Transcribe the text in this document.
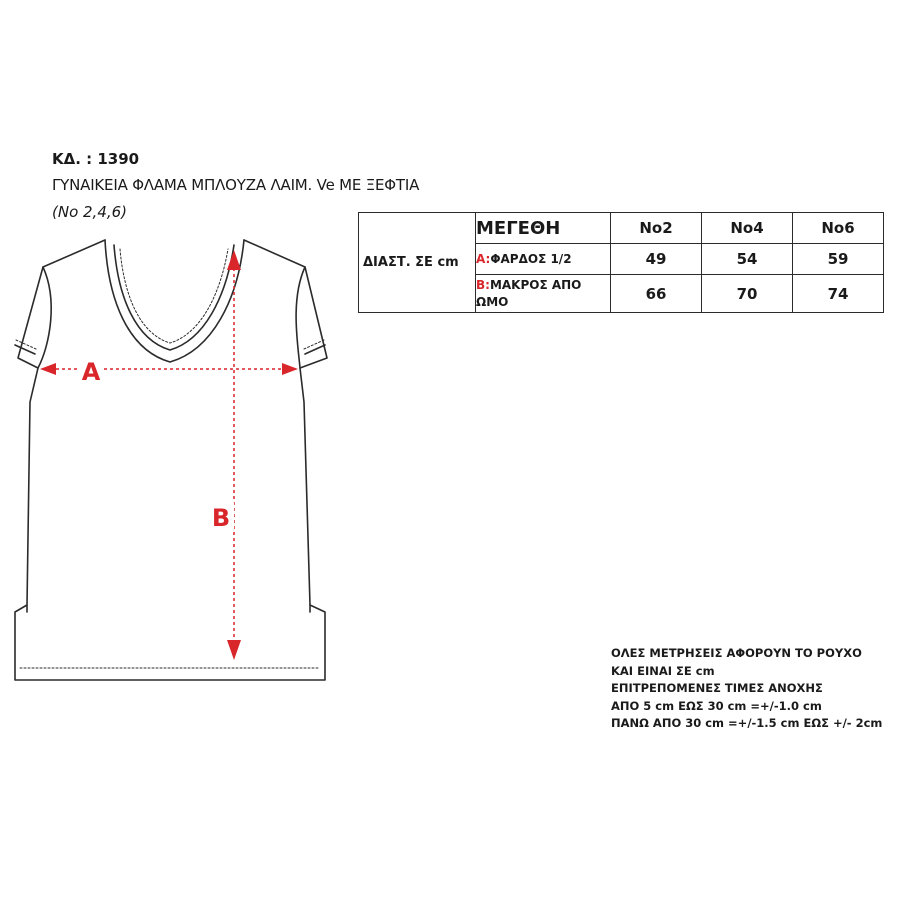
ΚΔ. : 1390
ΓΥΝΑΙΚΕΙΑ ΦΛΑΜΑ ΜΠΛΟΥΖΑ ΛΑΙΜ. Ve ΜΕ ΞΕΦΤΙΑ
(No 2,4,6)
A
B
ΔΙΑΣΤ. ΣΕ cm	ΜΕΓΕΘΗ	No2	No4	No6
	A:ΦΑΡΔΟΣ 1/2	49	54	59
	B:ΜΑΚΡΟΣ ΑΠΟ ΩΜΟ	66	70	74
ΟΛΕΣ ΜΕΤΡΗΣΕΙΣ ΑΦΟΡΟΥΝ ΤΟ ΡΟΥΧΟ
ΚΑΙ ΕΙΝΑΙ ΣΕ cm
ΕΠΙΤΡΕΠΟΜΕΝΕΣ ΤΙΜΕΣ ΑΝΟΧΗΣ
ΑΠΟ 5 cm ΕΩΣ 30 cm =+/-1.0 cm
ΠΑΝΩ ΑΠΟ 30 cm =+/-1.5 cm ΕΩΣ +/- 2cm
